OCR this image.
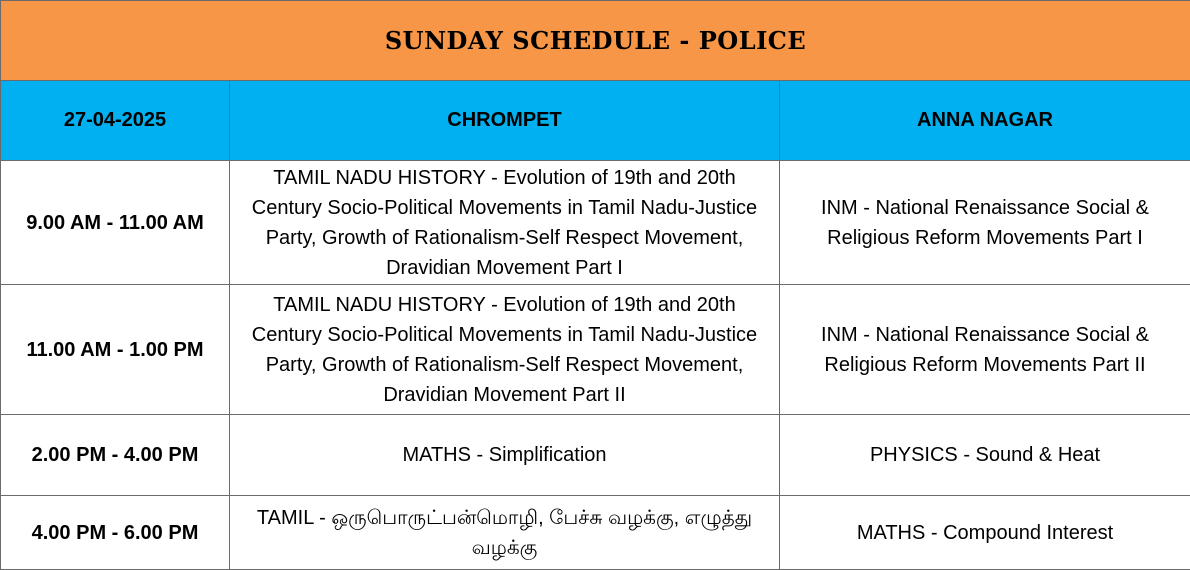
SUNDAY SCHEDULE - POLICE		
27-04-2025	CHROMPET	ANNA NAGAR
9.00 AM - 11.00 AM	TAMIL NADU HISTORY - Evolution of 19th and 20th Century Socio-Political Movements in Tamil Nadu-Justice Party, Growth of Rationalism-Self Respect Movement, Dravidian Movement Part I	INM - National Renaissance Social & Religious Reform Movements Part I
11.00 AM - 1.00 PM	TAMIL NADU HISTORY - Evolution of 19th and 20th Century Socio-Political Movements in Tamil Nadu-Justice Party, Growth of Rationalism-Self Respect Movement, Dravidian Movement Part II	INM - National Renaissance Social & Religious Reform Movements Part II
2.00 PM - 4.00 PM	MATHS - Simplification	PHYSICS - Sound & Heat
4.00 PM - 6.00 PM	TAMIL - ஒருபொருட்பன்மொழி, பேச்சு வழக்கு, எழுத்து வழக்கு	MATHS - Compound Interest
